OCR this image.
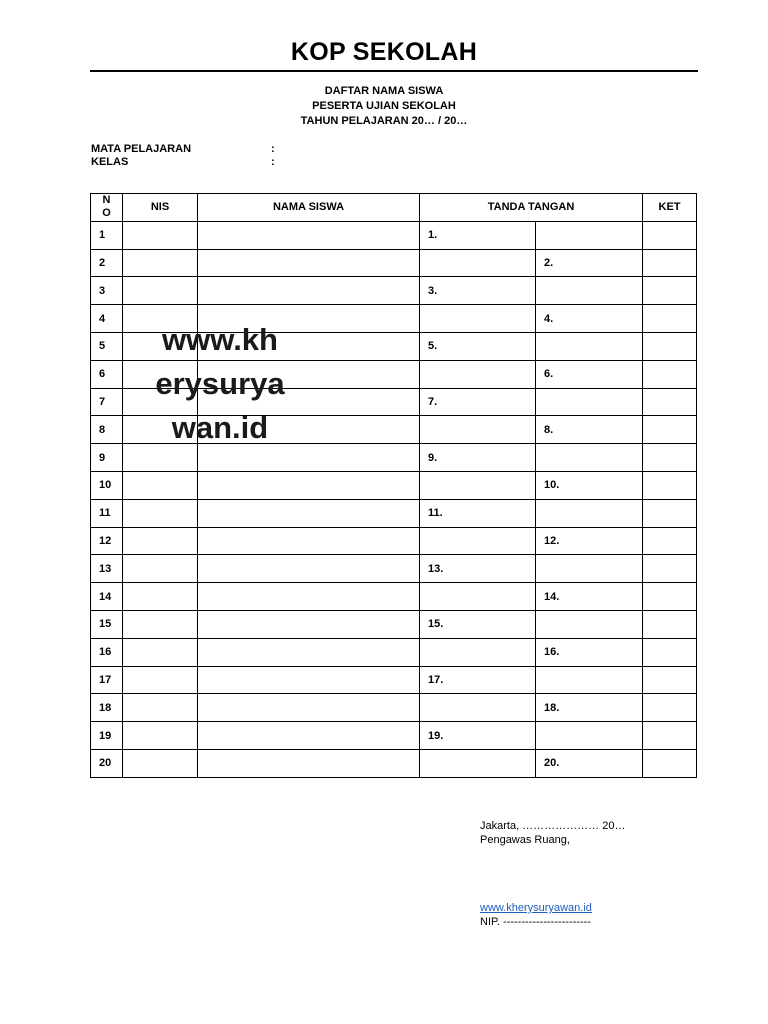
KOP SEKOLAH
DAFTAR NAMA SISWA
PESERTA UJIAN SEKOLAH
TAHUN PELAJARAN 20… / 20…
MATA PELAJARAN	:
KELAS	:
N
O	NIS	NAMA SISWA	TANDA TANGAN		KET
1			1.		
2				2.	
3			3.		
4				4.	
5			5.		
6				6.	
7			7.		
8				8.	
9			9.		
10				10.	
11			11.		
12				12.	
13			13.		
14				14.	
15			15.		
16				16.	
17			17.		
18				18.	
19			19.		
20				20.	
www.kh
erysurya
wan.id
Jakarta, ………………… 20…
Pengawas Ruang,
www.kherysuryawan.id
NIP. ------------------------
